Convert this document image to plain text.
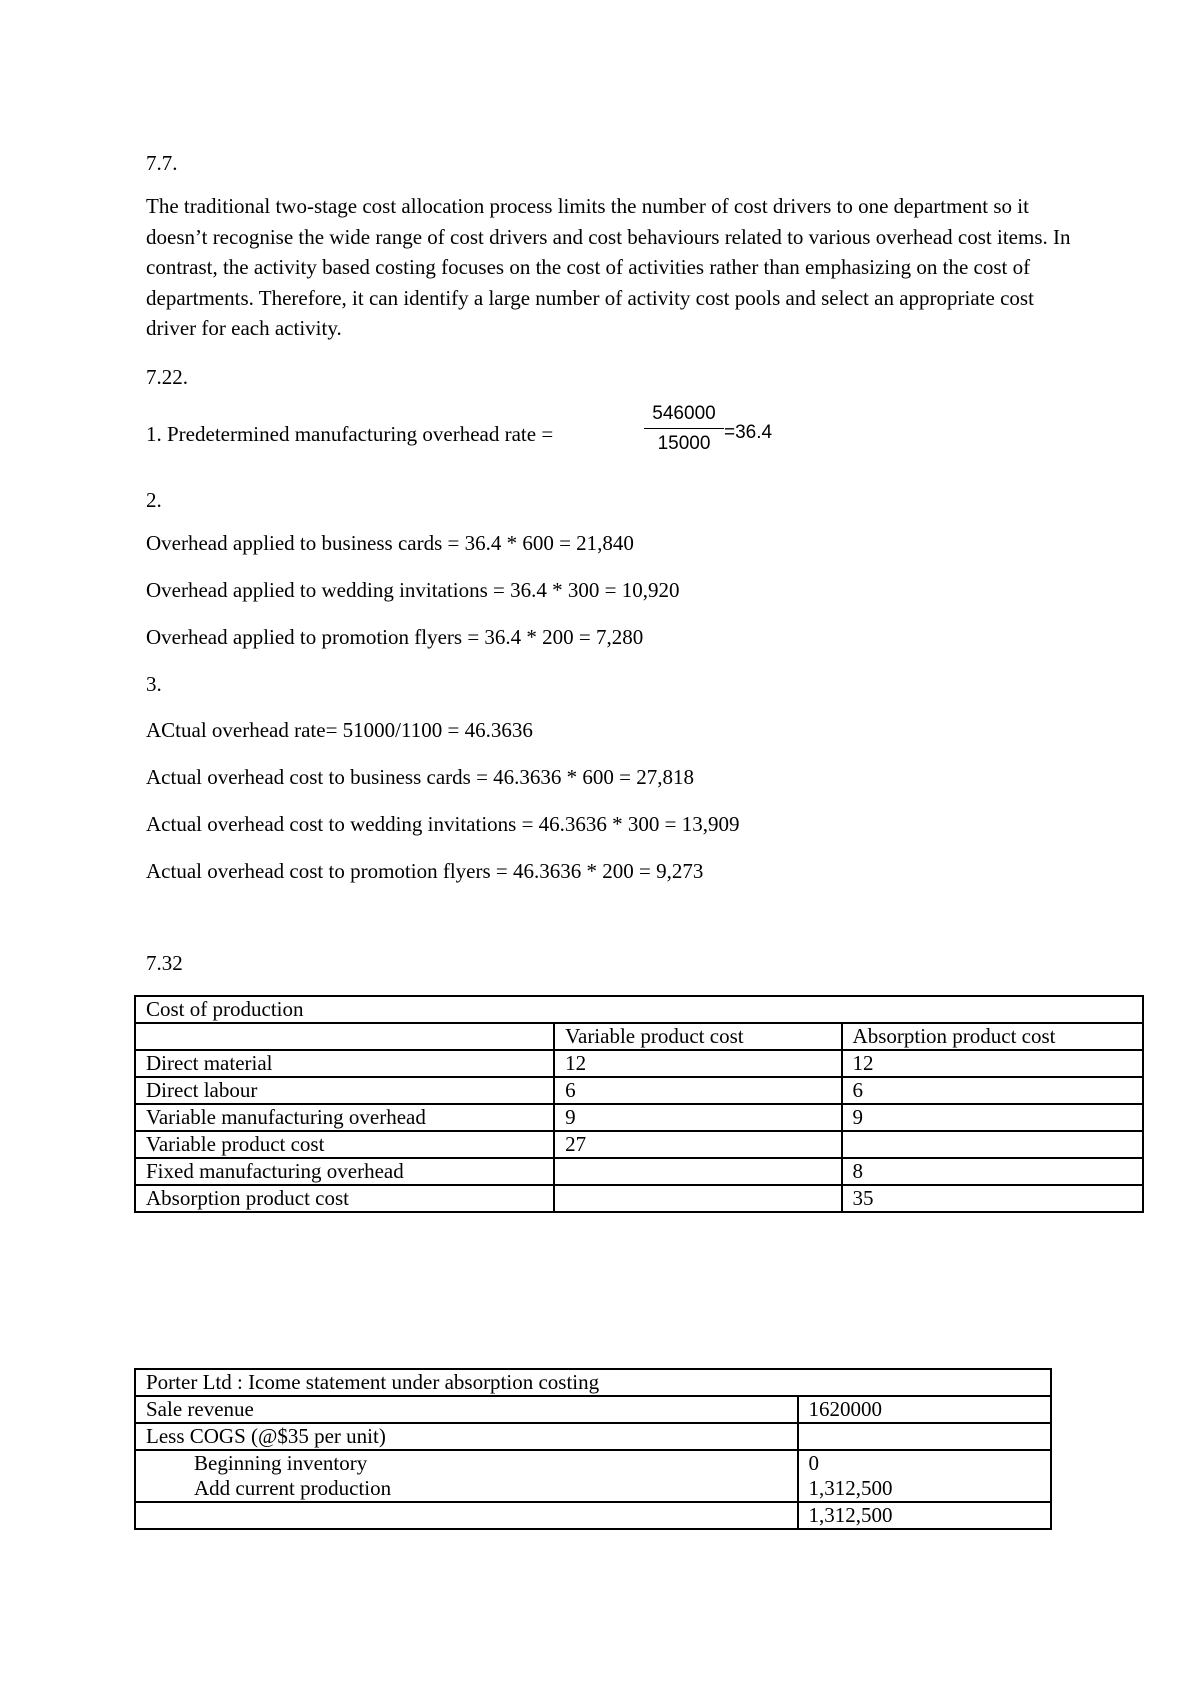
7.7.
The traditional two-stage cost allocation process limits the number of cost drivers to one department so it doesn’t recognise the wide range of cost drivers and cost behaviours related to various overhead cost items. In contrast, the activity based costing focuses on the cost of activities rather than emphasizing on the cost of departments. Therefore, it can identify a large number of activity cost pools and select an appropriate cost driver for each activity.
7.22.
1. Predetermined manufacturing overhead rate =	$\frac{546000}{15000} =36.4$
2.
Overhead applied to business cards = 36.4 * 600 = 21,840
Overhead applied to wedding invitations = 36.4 * 300 = 10,920
Overhead applied to promotion flyers = 36.4 * 200 = 7,280
3.
ACtual overhead rate= 51000/1100 = 46.3636
Actual overhead cost to business cards = 46.3636 * 600 = 27,818
Actual overhead cost to wedding invitations = 46.3636 * 300 = 13,909
Actual overhead cost to promotion flyers = 46.3636 * 200 = 9,273
7.32
Cost of production		
	Variable product cost	Absorption product cost
Direct material	12	12
Direct labour	6	6
Variable manufacturing overhead	9	9
Variable product cost	27	
Fixed manufacturing overhead		8
Absorption product cost		35
Porter Ltd : Icome statement under absorption costing	
Sale revenue	1620000
Less COGS (@$35 per unit)	
Beginning inventory	0
Add current production	1,312,500
	1,312,500
